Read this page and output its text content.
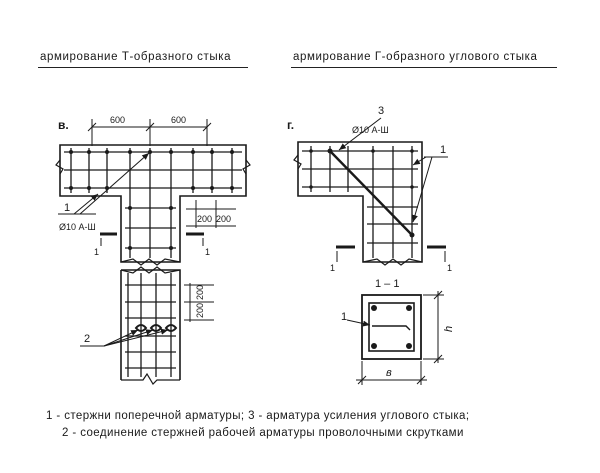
армирование Т-образного стыка	армирование Г-образного углового стыка
в.	600	600
200 200
1
Ø10 А-Ш
1	1
200
200
2
г.
3
Ø10 А-Ш
1
1	1
1 – 1
1
h
в
1 - стержни поперечной арматуры; 3 - арматура усиления углового стыка;
2 - соединение стержней рабочей арматуры проволочными скрутками
